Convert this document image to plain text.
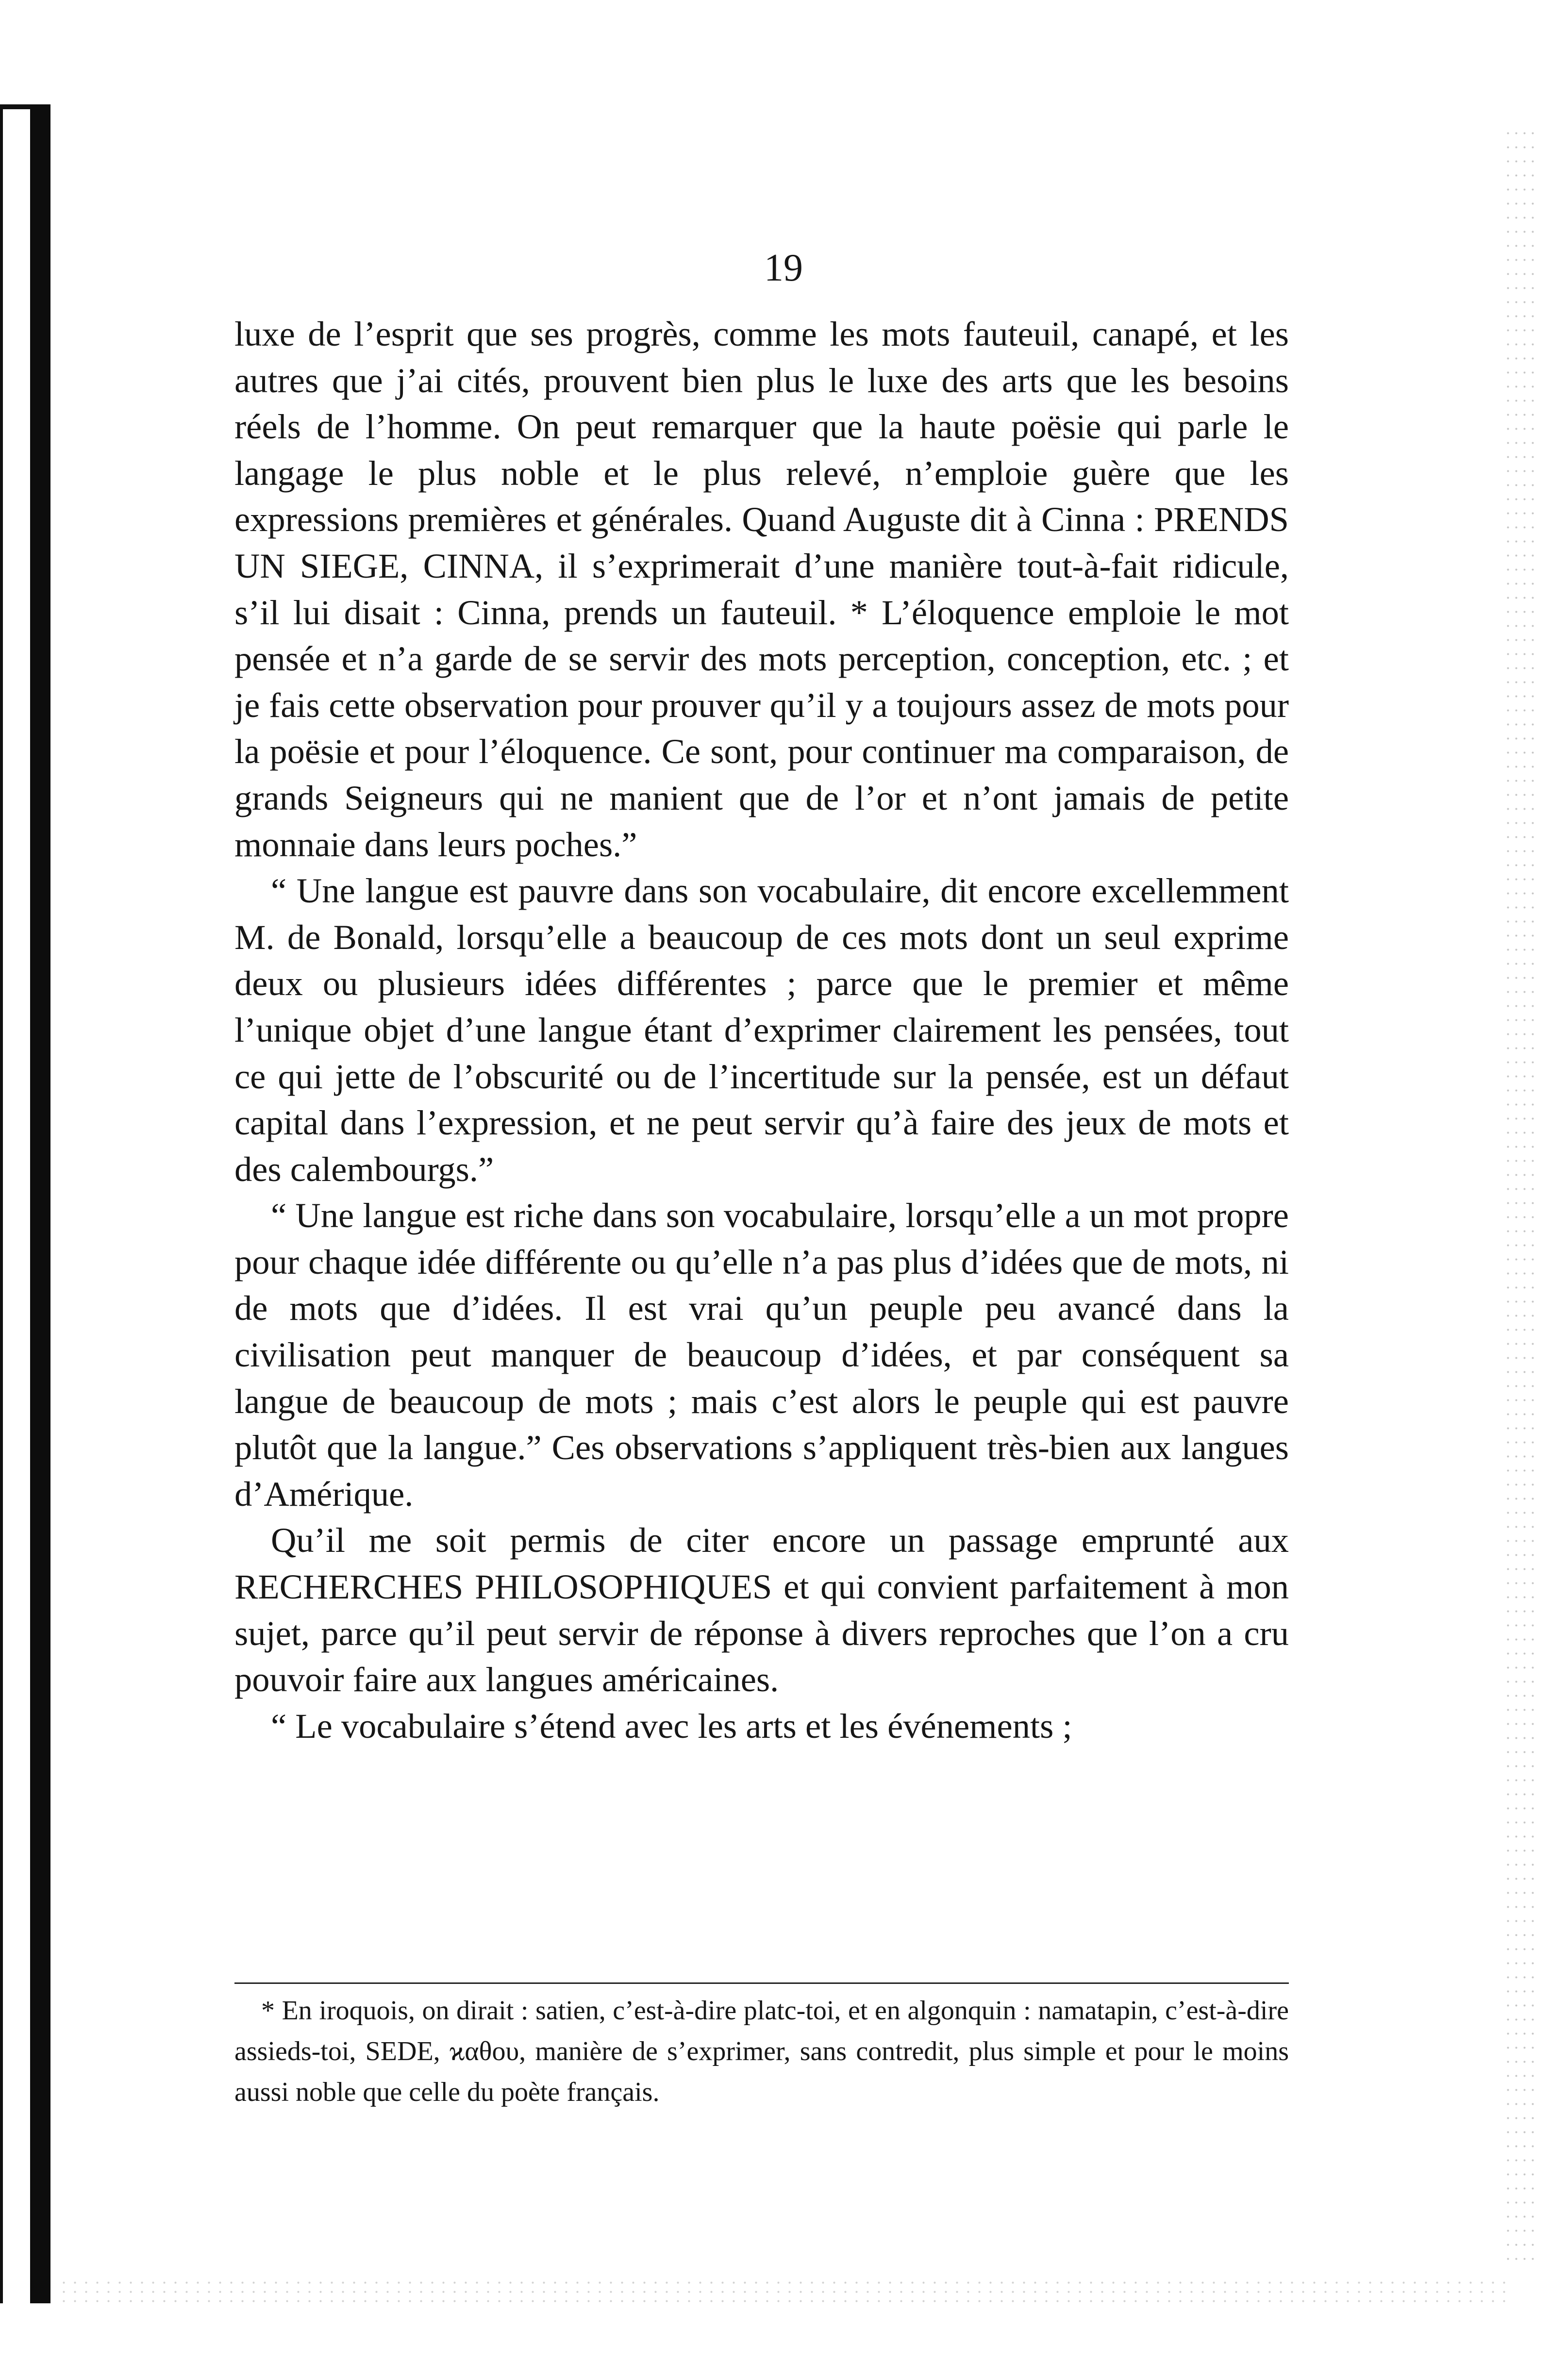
19

luxe de l’esprit que ses progrès, comme les mots fauteuil, canapé, et les autres que j’ai cités, prouvent bien plus le luxe des arts que les besoins réels de l’homme. On peut remarquer que la haute poësie qui parle le langage le plus noble et le plus relevé, n’emploie guère que les expressions premières et générales. Quand Auguste dit à Cinna : PRENDS UN SIEGE, CINNA, il s’exprimerait d’une manière tout-à-fait ridicule, s’il lui disait : Cinna, prends un fauteuil. * L’éloquence emploie le mot pensée et n’a garde de se servir des mots perception, conception, etc. ; et je fais cette observation pour prouver qu’il y a toujours assez de mots pour la poësie et pour l’éloquence. Ce sont, pour continuer ma comparaison, de grands Seigneurs qui ne manient que de l’or et n’ont jamais de petite monnaie dans leurs poches.”

“ Une langue est pauvre dans son vocabulaire, dit encore excellemment M. de Bonald, lorsqu’elle a beaucoup de ces mots dont un seul exprime deux ou plusieurs idées différentes ; parce que le premier et même l’unique objet d’une langue étant d’exprimer clairement les pensées, tout ce qui jette de l’obscurité ou de l’incertitude sur la pensée, est un défaut capital dans l’expression, et ne peut servir qu’à faire des jeux de mots et des calembourgs.”

“ Une langue est riche dans son vocabulaire, lorsqu’elle a un mot propre pour chaque idée différente ou qu’elle n’a pas plus d’idées que de mots, ni de mots que d’idées. Il est vrai qu’un peuple peu avancé dans la civilisation peut manquer de beaucoup d’idées, et par conséquent sa langue de beaucoup de mots ; mais c’est alors le peuple qui est pauvre plutôt que la langue.” Ces observations s’appliquent très-bien aux langues d’Amérique.

Qu’il me soit permis de citer encore un passage emprunté aux RECHERCHES PHILOSOPHIQUES et qui convient parfaitement à mon sujet, parce qu’il peut servir de réponse à divers reproches que l’on a cru pouvoir faire aux langues américaines.

“ Le vocabulaire s’étend avec les arts et les événements ;

* En iroquois, on dirait : satien, c’est-à-dire platc-toi, et en algonquin : namatapin, c’est-à-dire assieds-toi, SEDE, ϰαθου, manière de s’exprimer, sans contredit, plus simple et pour le moins aussi noble que celle du poète français.
